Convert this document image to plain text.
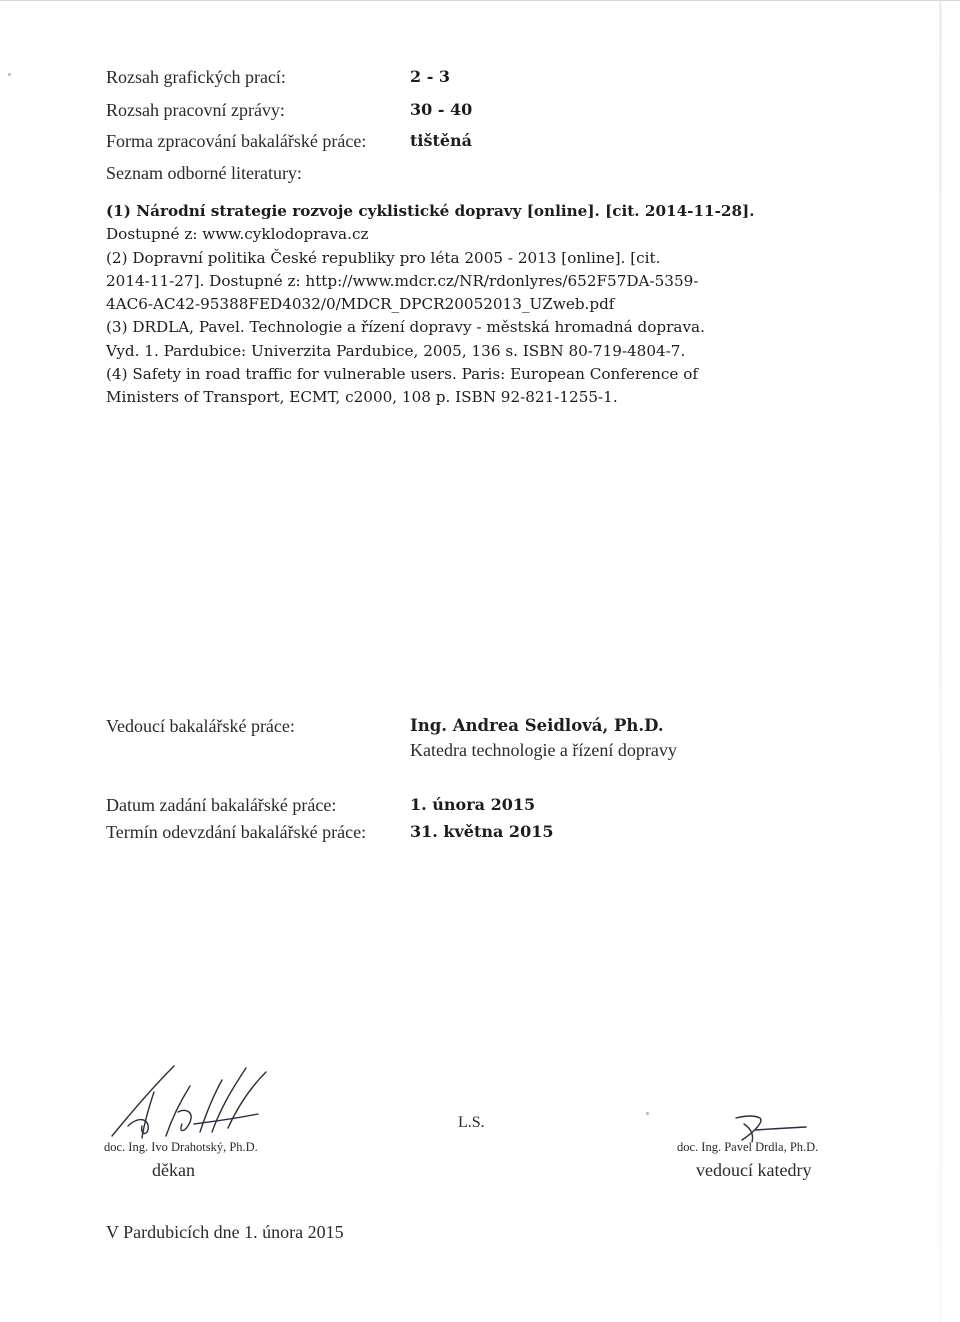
Rozsah grafických prací:	2 - 3
Rozsah pracovní zprávy:	30 - 40
Forma zpracování bakalářské práce:	tištěná
Seznam odborné literatury:
(1) Národní strategie rozvoje cyklistické dopravy [online]. [cit. 2014-11-28].
Dostupné z: www.cyklodoprava.cz
(2) Dopravní politika České republiky pro léta 2005 - 2013 [online]. [cit.
2014-11-27]. Dostupné z: http://www.mdcr.cz/NR/rdonlyres/652F57DA-5359-
4AC6-AC42-95388FED4032/0/MDCR_DPCR20052013_UZweb.pdf
(3) DRDLA, Pavel. Technologie a řízení dopravy - městská hromadná doprava.
Vyd. 1. Pardubice: Univerzita Pardubice, 2005, 136 s. ISBN 80-719-4804-7.
(4) Safety in road traffic for vulnerable users. Paris: European Conference of
Ministers of Transport, ECMT, c2000, 108 p. ISBN 92-821-1255-1.
Vedoucí bakalářské práce:	Ing. Andrea Seidlová, Ph.D.
Katedra technologie a řízení dopravy
Datum zadání bakalářské práce:	1. února 2015
Termín odevzdání bakalářské práce:	31. května 2015
doc. Ing. Ivo Drahotský, Ph.D.
děkan
L.S.
doc. Ing. Pavel Drdla, Ph.D.
vedoucí katedry
V Pardubicích dne 1. února 2015
